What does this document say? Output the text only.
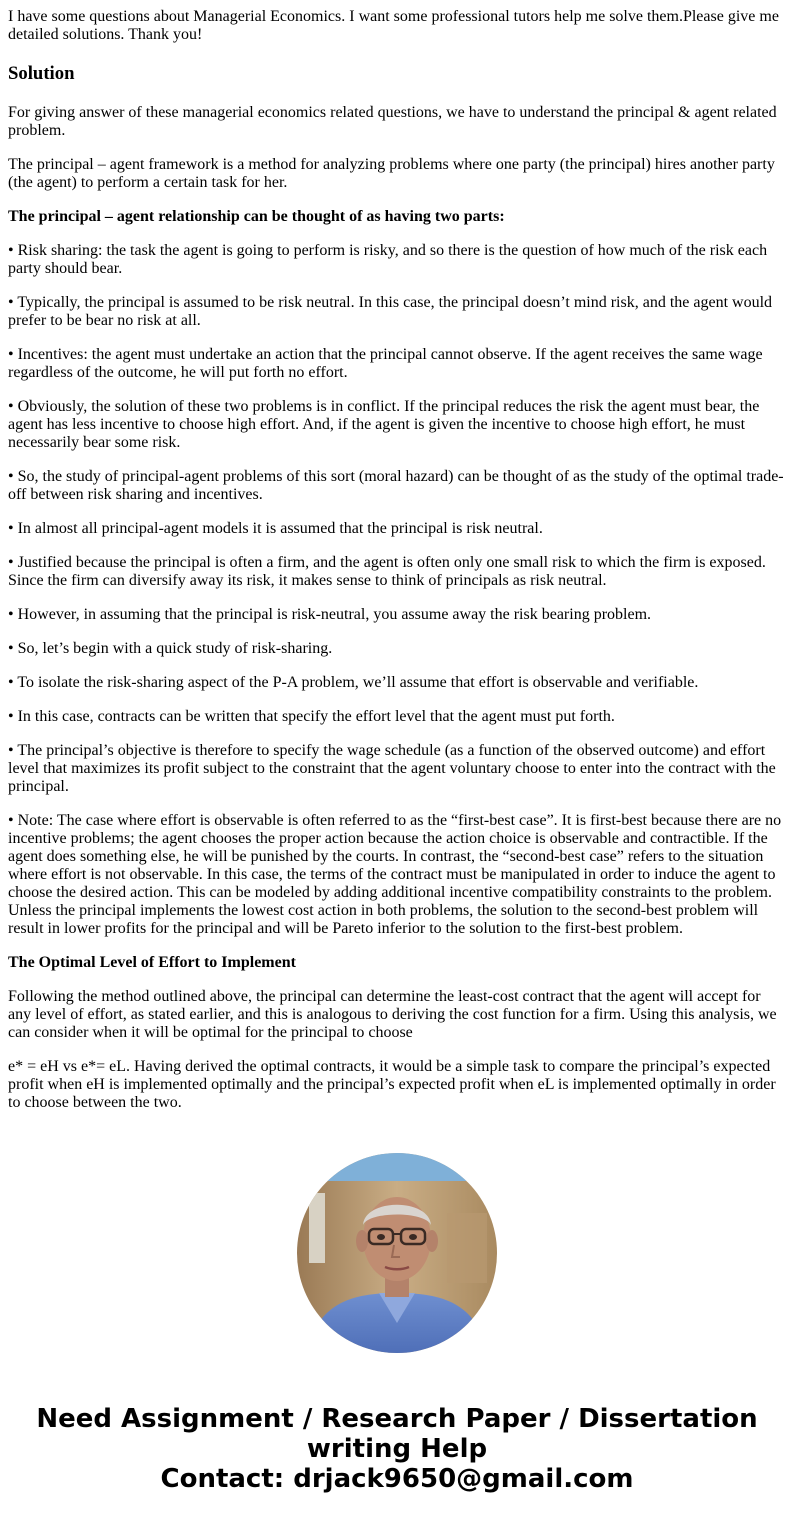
I have some questions about Managerial Economics. I want some professional tutors help me solve them.Please give me detailed solutions. Thank you!

Solution

For giving answer of these managerial economics related questions, we have to understand the principal & agent related problem.

The principal – agent framework is a method for analyzing problems where one party (the principal) hires another party (the agent) to perform a certain task for her.

The principal – agent relationship can be thought of as having two parts:

• Risk sharing: the task the agent is going to perform is risky, and so there is the question of how much of the risk each party should bear.

• Typically, the principal is assumed to be risk neutral. In this case, the principal doesn’t mind risk, and the agent would prefer to be bear no risk at all.

• Incentives: the agent must undertake an action that the principal cannot observe. If the agent receives the same wage regardless of the outcome, he will put forth no effort.

• Obviously, the solution of these two problems is in conflict. If the principal reduces the risk the agent must bear, the agent has less incentive to choose high effort. And, if the agent is given the incentive to choose high effort, he must necessarily bear some risk.

• So, the study of principal-agent problems of this sort (moral hazard) can be thought of as the study of the optimal trade-off between risk sharing and incentives.

• In almost all principal-agent models it is assumed that the principal is risk neutral.

• Justified because the principal is often a firm, and the agent is often only one small risk to which the firm is exposed. Since the firm can diversify away its risk, it makes sense to think of principals as risk neutral.

• However, in assuming that the principal is risk-neutral, you assume away the risk bearing problem.

• So, let’s begin with a quick study of risk-sharing.

• To isolate the risk-sharing aspect of the P-A problem, we’ll assume that effort is observable and verifiable.

• In this case, contracts can be written that specify the effort level that the agent must put forth.

• The principal’s objective is therefore to specify the wage schedule (as a function of the observed outcome) and effort level that maximizes its profit subject to the constraint that the agent voluntary choose to enter into the contract with the principal.

• Note: The case where effort is observable is often referred to as the “first-best case”. It is first-best because there are no incentive problems; the agent chooses the proper action because the action choice is observable and contractible. If the agent does something else, he will be punished by the courts. In contrast, the “second-best case” refers to the situation where effort is not observable. In this case, the terms of the contract must be manipulated in order to induce the agent to choose the desired action. This can be modeled by adding additional incentive compatibility constraints to the problem. Unless the principal implements the lowest cost action in both problems, the solution to the second-best problem will result in lower profits for the principal and will be Pareto inferior to the solution to the first-best problem.

The Optimal Level of Effort to Implement

Following the method outlined above, the principal can determine the least-cost contract that the agent will accept for any level of effort, as stated earlier, and this is analogous to deriving the cost function for a firm. Using this analysis, we can consider when it will be optimal for the principal to choose

e* = eH vs e*= eL. Having derived the optimal contracts, it would be a simple task to compare the principal’s expected profit when eH is implemented optimally and the principal’s expected profit when eL is implemented optimally in order to choose between the two.

Need Assignment / Research Paper / Dissertation writing Help
Contact: drjack9650@gmail.com
